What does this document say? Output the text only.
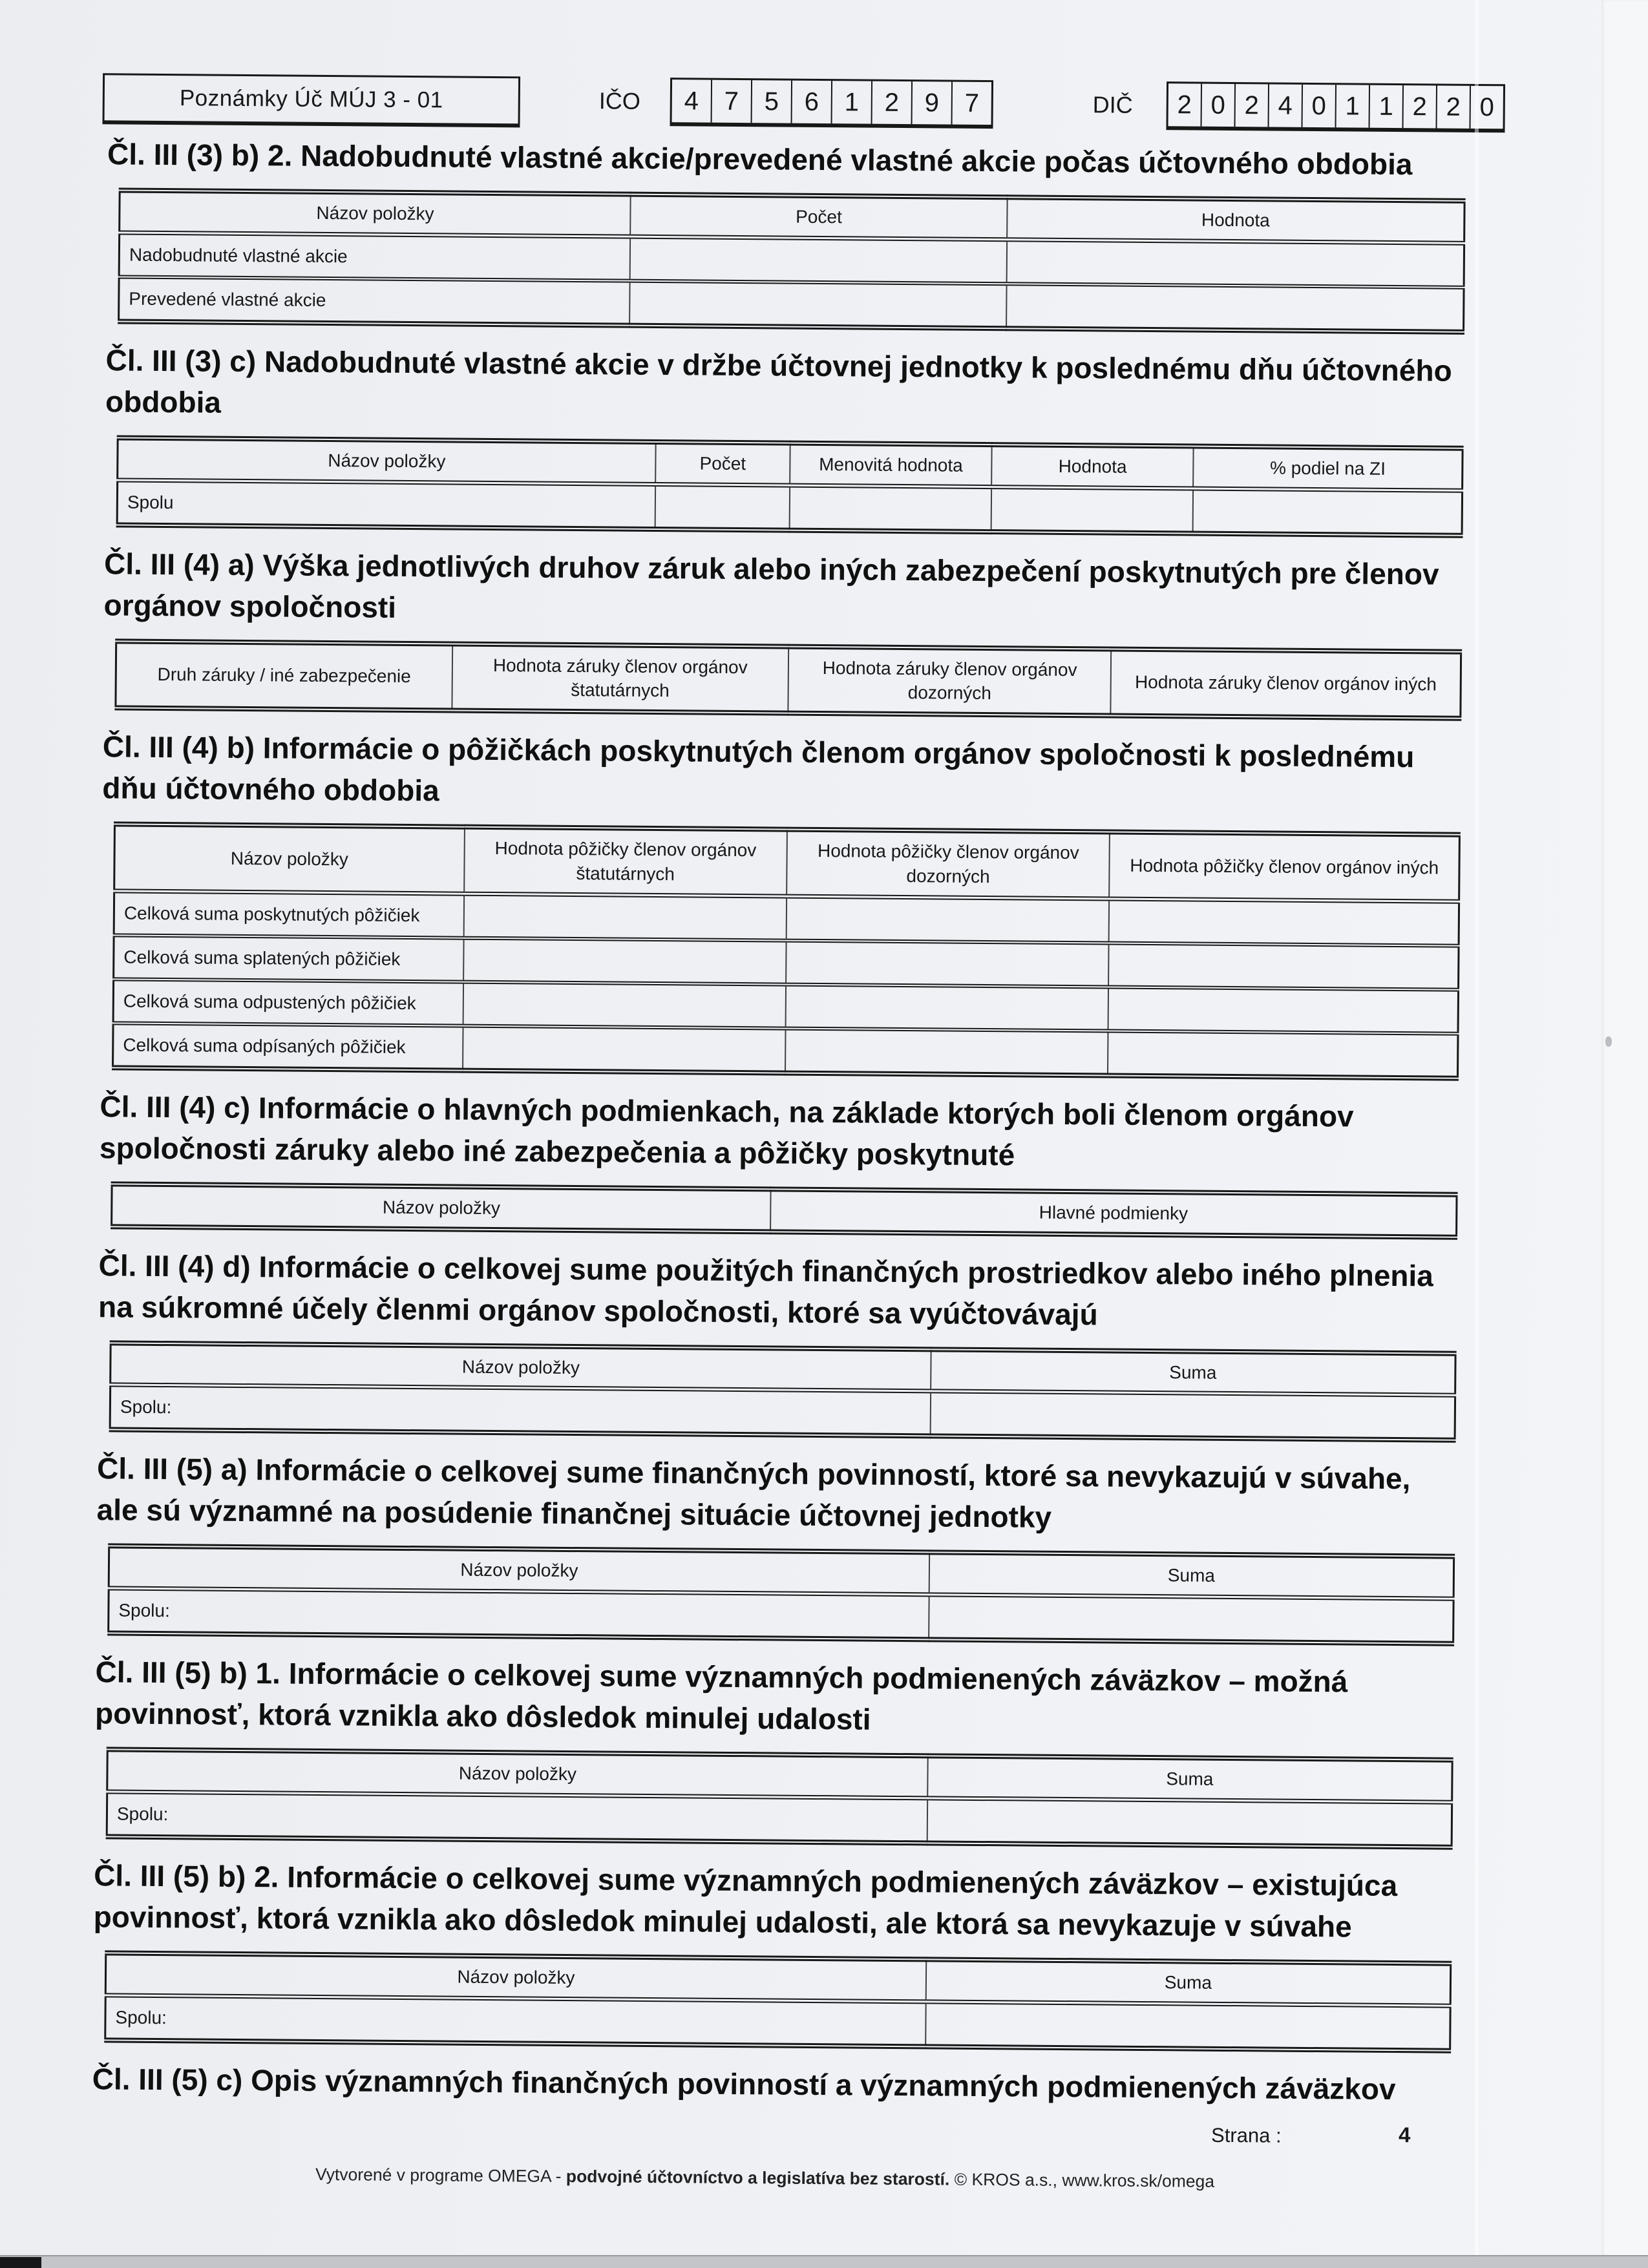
Poznámky Úč MÚJ 3 - 01	IČO	4 7 5 6 1 2 9 7	DIČ	2 0 2 4 0 1 1 2 2 0
Čl. III (3) b) 2. Nadobudnuté vlastné akcie/prevedené vlastné akcie počas účtovného obdobia
Názov položky	Počet	Hodnota
Nadobudnuté vlastné akcie		
Prevedené vlastné akcie		
Čl. III (3) c) Nadobudnuté vlastné akcie v držbe účtovnej jednotky k poslednému dňu účtovného obdobia
Názov položky	Počet	Menovitá hodnota	Hodnota	% podiel na ZI
Spolu				
Čl. III (4) a) Výška jednotlivých druhov záruk alebo iných zabezpečení poskytnutých pre členov orgánov spoločnosti
Druh záruky / iné zabezpečenie	Hodnota záruky členov orgánov štatutárnych	Hodnota záruky členov orgánov dozorných	Hodnota záruky členov orgánov iných
Čl. III (4) b) Informácie o pôžičkách poskytnutých členom orgánov spoločnosti k poslednému dňu účtovného obdobia
Názov položky	Hodnota pôžičky členov orgánov štatutárnych	Hodnota pôžičky členov orgánov dozorných	Hodnota pôžičky členov orgánov iných
Celková suma poskytnutých pôžičiek			
Celková suma splatených pôžičiek			
Celková suma odpustených pôžičiek			
Celková suma odpísaných pôžičiek			
Čl. III (4) c) Informácie o hlavných podmienkach, na základe ktorých boli členom orgánov spoločnosti záruky alebo iné zabezpečenia a pôžičky poskytnuté
Názov položky	Hlavné podmienky
Čl. III (4) d) Informácie o celkovej sume použitých finančných prostriedkov alebo iného plnenia na súkromné účely členmi orgánov spoločnosti, ktoré sa vyúčtovávajú
Názov položky	Suma
Spolu:	
Čl. III (5) a) Informácie o celkovej sume finančných povinností, ktoré sa nevykazujú v súvahe, ale sú významné na posúdenie finančnej situácie účtovnej jednotky
Názov položky	Suma
Spolu:	
Čl. III (5) b) 1. Informácie o celkovej sume významných podmienených záväzkov – možná povinnosť, ktorá vznikla ako dôsledok minulej udalosti
Názov položky	Suma
Spolu:	
Čl. III (5) b) 2. Informácie o celkovej sume významných podmienených záväzkov – existujúca povinnosť, ktorá vznikla ako dôsledok minulej udalosti, ale ktorá sa nevykazuje v súvahe
Názov položky	Suma
Spolu:	
Čl. III (5) c) Opis významných finančných povinností a významných podmienených záväzkov
Strana :	4
Vytvorené v programe OMEGA - podvojné účtovníctvo a legislatíva bez starostí. © KROS a.s., www.kros.sk/omega
